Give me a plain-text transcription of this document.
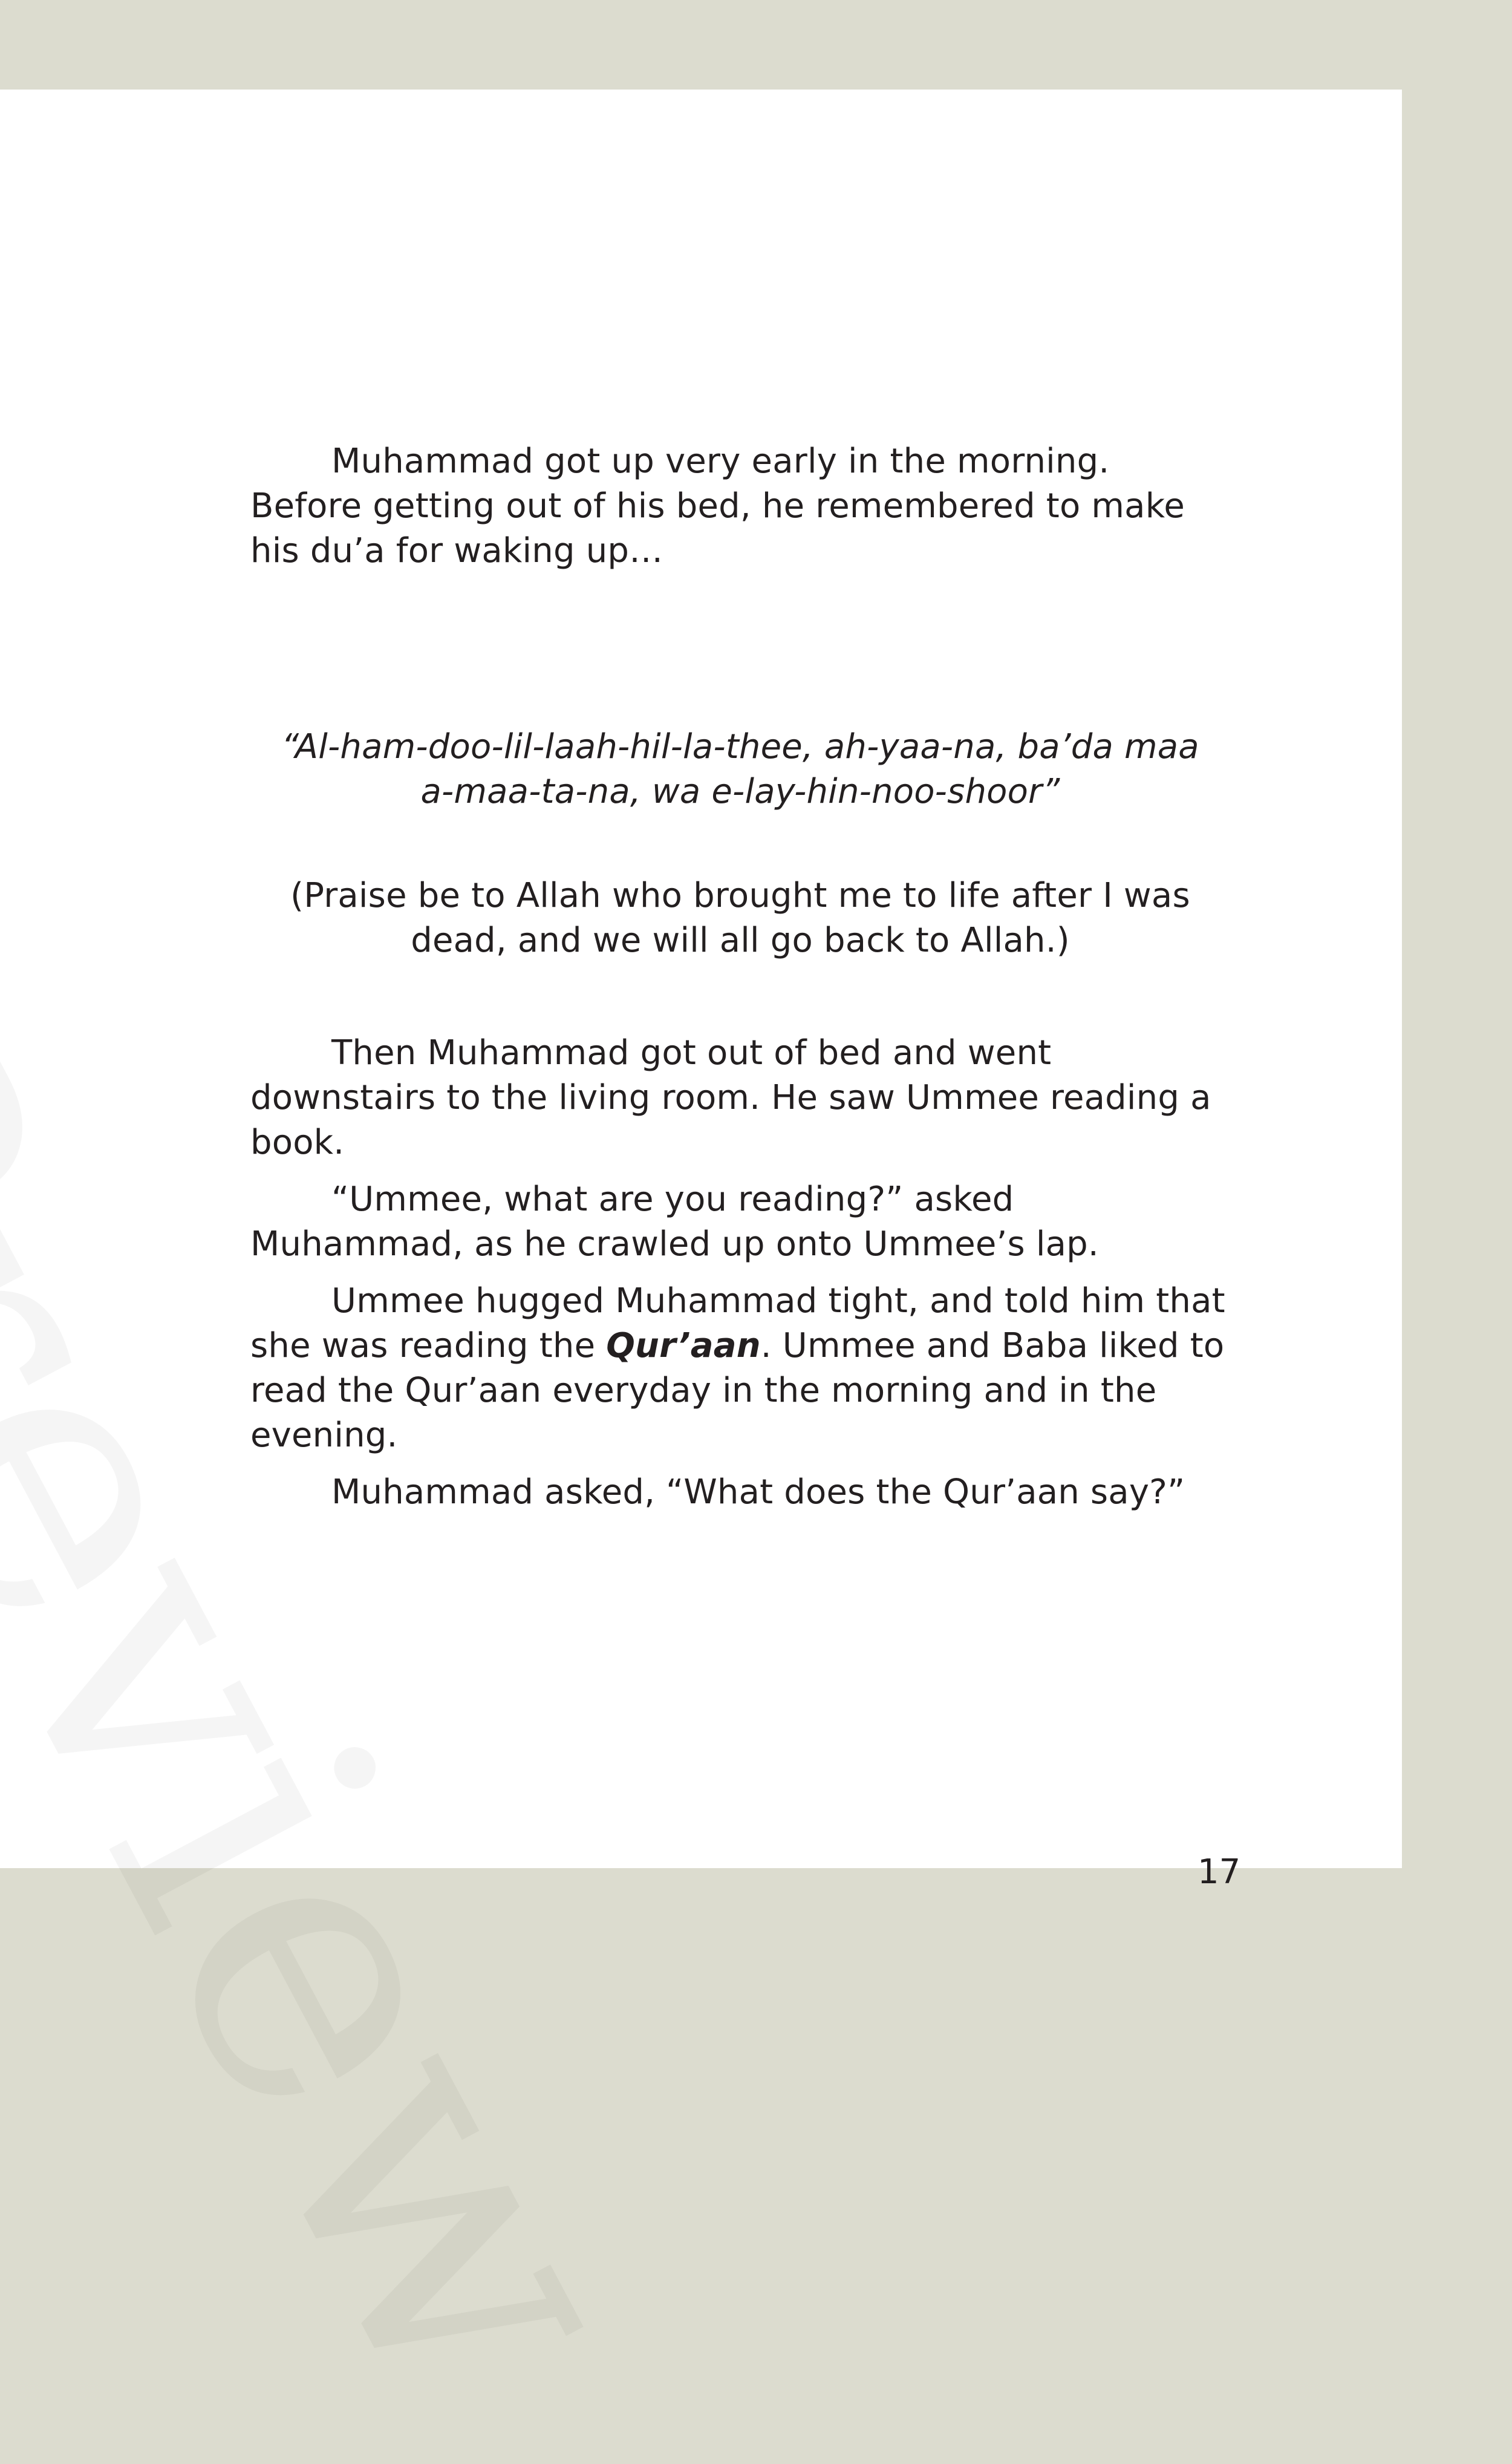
Muhammad got up very early in the morning. Before getting out of his bed, he remembered to make his du’a for waking up…

“Al-ham-doo-lil-laah-hil-la-thee, ah-yaa-na, ba’da maa a-maa-ta-na, wa e-lay-hin-noo-shoor”

(Praise be to Allah who brought me to life after I was dead, and we will all go back to Allah.)

Then Muhammad got out of bed and went downstairs to the living room. He saw Ummee reading a book.

“Ummee, what are you reading?” asked Muhammad, as he crawled up onto Ummee’s lap.

Ummee hugged Muhammad tight, and told him that she was reading the Qur’aan. Ummee and Baba liked to read the Qur’aan everyday in the morning and in the evening.

Muhammad asked, “What does the Qur’aan say?”

17
